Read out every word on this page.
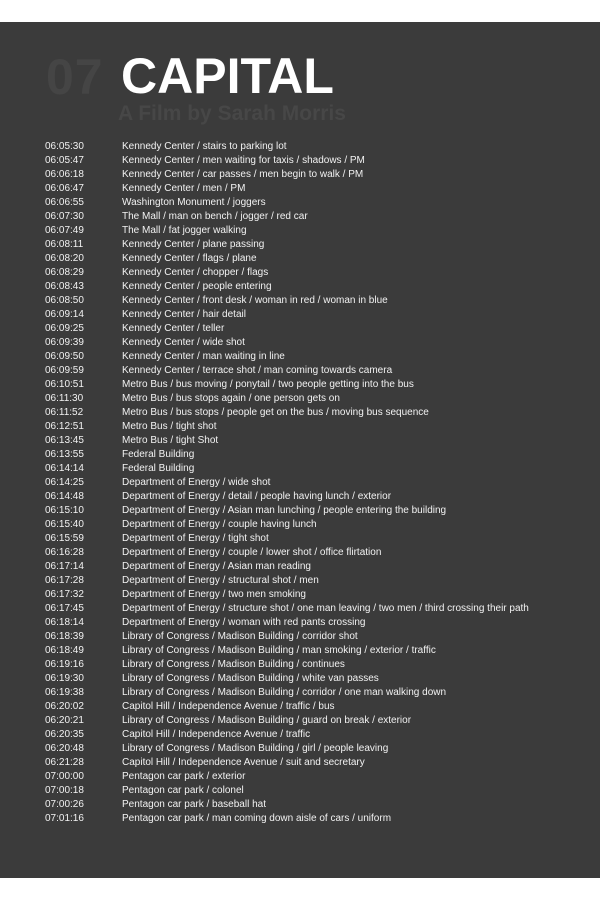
07 CAPITAL
A Film by Sarah Morris
06:05:30	Kennedy Center / stairs to parking lot
06:05:47	Kennedy Center / men waiting for taxis / shadows / PM
06:06:18	Kennedy Center / car passes / men begin to walk / PM
06:06:47	Kennedy Center / men / PM
06:06:55	Washington Monument / joggers
06:07:30	The Mall / man on bench / jogger / red car
06:07:49	The Mall / fat jogger walking
06:08:11	Kennedy Center / plane passing
06:08:20	Kennedy Center / flags / plane
06:08:29	Kennedy Center / chopper / flags
06:08:43	Kennedy Center / people entering
06:08:50	Kennedy Center / front desk / woman in red / woman in blue
06:09:14	Kennedy Center / hair detail
06:09:25	Kennedy Center / teller
06:09:39	Kennedy Center / wide shot
06:09:50	Kennedy Center / man waiting in line
06:09:59	Kennedy Center / terrace shot / man coming towards camera
06:10:51	Metro Bus / bus moving / ponytail / two people getting into the bus
06:11:30	Metro Bus / bus stops again / one person gets on
06:11:52	Metro Bus / bus stops / people get on the bus / moving bus sequence
06:12:51	Metro Bus / tight shot
06:13:45	Metro Bus / tight Shot
06:13:55	Federal Building
06:14:14	Federal Building
06:14:25	Department of Energy / wide shot
06:14:48	Department of Energy / detail / people having lunch / exterior
06:15:10	Department of Energy / Asian man lunching / people entering the building
06:15:40	Department of Energy / couple having lunch
06:15:59	Department of Energy / tight shot
06:16:28	Department of Energy / couple / lower shot / office flirtation
06:17:14	Department of Energy / Asian man reading
06:17:28	Department of Energy / structural shot / men
06:17:32	Department of Energy / two men smoking
06:17:45	Department of Energy / structure shot / one man leaving / two men / third crossing their path
06:18:14	Department of Energy / woman with red pants crossing
06:18:39	Library of Congress / Madison Building / corridor shot
06:18:49	Library of Congress / Madison Building / man smoking / exterior / traffic
06:19:16	Library of Congress / Madison Building / continues
06:19:30	Library of Congress / Madison Building / white van passes
06:19:38	Library of Congress / Madison Building / corridor / one man walking down
06:20:02	Capitol Hill / Independence Avenue / traffic / bus
06:20:21	Library of Congress / Madison Building / guard on break / exterior
06:20:35	Capitol Hill / Independence Avenue / traffic
06:20:48	Library of Congress / Madison Building / girl / people leaving
06:21:28	Capitol Hill / Independence Avenue / suit and secretary
07:00:00	Pentagon car park / exterior
07:00:18	Pentagon car park / colonel
07:00:26	Pentagon car park / baseball hat
07:01:16	Pentagon car park / man coming down aisle of cars / uniform
